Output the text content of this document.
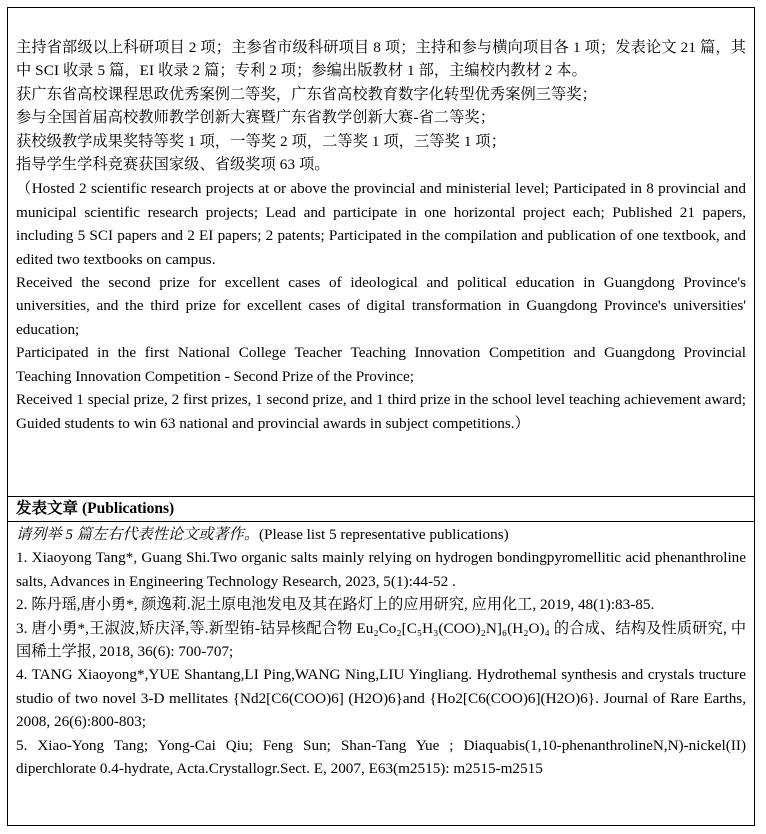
主持省部级以上科研项目 2 项；主参省市级科研项目 8 项；主持和参与横向项目各 1 项；发表论文 21 篇，其中 SCI 收录 5 篇，EI 收录 2 篇；专利 2 项；参编出版教材 1 部，主编校内教材 2 本。

获广东省高校课程思政优秀案例二等奖，广东省高校教育数字化转型优秀案例三等奖；

参与全国首届高校教师教学创新大赛暨广东省教学创新大赛-省二等奖；

获校级教学成果奖特等奖 1 项，一等奖 2 项，二等奖 1 项，三等奖 1 项；

指导学生学科竞赛获国家级、省级奖项 63 项。

（Hosted 2 scientific research projects at or above the provincial and ministerial level; Participated in 8 provincial and municipal scientific research projects; Lead and participate in one horizontal project each; Published 21 papers, including 5 SCI papers and 2 EI papers; 2 patents; Participated in the compilation and publication of one textbook, and edited two textbooks on campus.

Received the second prize for excellent cases of ideological and political education in Guangdong Province's universities, and the third prize for excellent cases of digital transformation in Guangdong Province's universities' education;

Participated in the first National College Teacher Teaching Innovation Competition and Guangdong Provincial Teaching Innovation Competition - Second Prize of the Province;

Received 1 special prize, 2 first prizes, 1 second prize, and 1 third prize in the school level teaching achievement award;

Guided students to win 63 national and provincial awards in subject competitions.）

发表文章 (Publications)

请列举 5 篇左右代表性论文或著作。(Please list 5 representative publications)

1. Xiaoyong Tang*, Guang Shi.Two organic salts mainly relying on hydrogen bondingpyromellitic acid phenanthroline salts, Advances in Engineering Technology Research, 2023, 5(1):44-52 .

2. 陈丹瑶,唐小勇*, 颜逸莉.泥土原电池发电及其在路灯上的应用研究, 应用化工, 2019, 48(1):83-85.

3. 唐小勇*,王淑波,矫庆泽,等.新型铕-钴异核配合物 Eu₂Co₂[C₅H₃(COO)₂N]₆(H₂O)₄ 的合成、结构及性质研究, 中国稀土学报, 2018, 36(6): 700-707;

4. TANG Xiaoyong*,YUE Shantang,LI Ping,WANG Ning,LIU Yingliang. Hydrothemal synthesis and crystals tructure studio of two novel 3-D mellitates {Nd2[C6(COO)6] (H2O)6}and {Ho2[C6(COO)6](H2O)6}. Journal of Rare Earths, 2008, 26(6):800-803;

5. Xiao-Yong Tang; Yong-Cai Qiu; Feng Sun; Shan-Tang Yue ; Diaquabis(1,10-phenanthrolineN,N)-nickel(II) diperchlorate 0.4-hydrate, Acta.Crystallogr.Sect. E, 2007, E63(m2515): m2515-m2515
